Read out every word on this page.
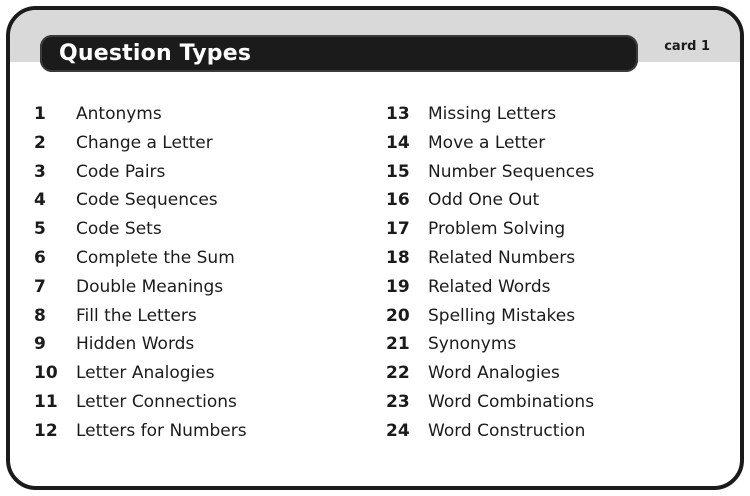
Question Types	card 1
1	Antonyms
2	Change a Letter
3	Code Pairs
4	Code Sequences
5	Code Sets
6	Complete the Sum
7	Double Meanings
8	Fill the Letters
9	Hidden Words
10	Letter Analogies
11	Letter Connections
12	Letters for Numbers
13	Missing Letters
14	Move a Letter
15	Number Sequences
16	Odd One Out
17	Problem Solving
18	Related Numbers
19	Related Words
20	Spelling Mistakes
21	Synonyms
22	Word Analogies
23	Word Combinations
24	Word Construction
